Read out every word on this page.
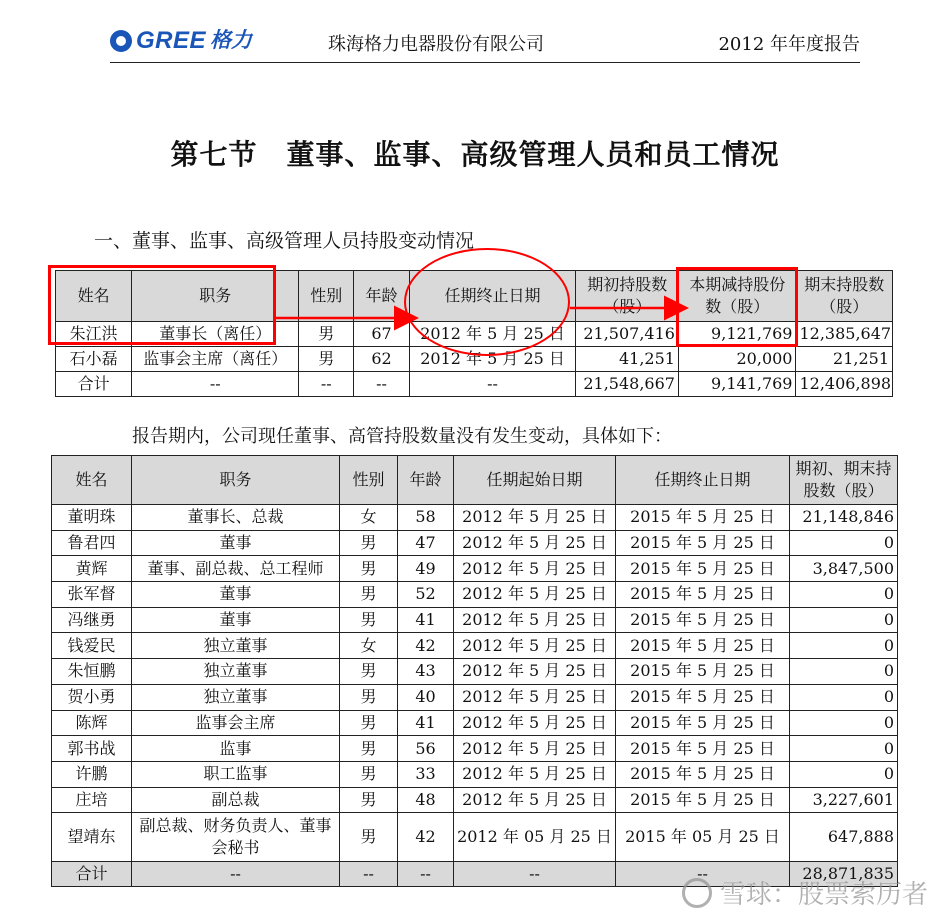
GREE 格力	珠海格力电器股份有限公司	2012 年年度报告
第七节　董事、监事、高级管理人员和员工情况
一、董事、监事、高级管理人员持股变动情况
姓名	职务	性别	年龄	任期终止日期	期初持股数（股）	本期减持股份数（股）	期末持股数（股）
朱江洪	董事长（离任）	男	67	2012 年 5 月 25 日	21,507,416	9,121,769	12,385,647
石小磊	监事会主席（离任）	男	62	2012 年 5 月 25 日	41,251	20,000	21,251
合计	--	--	--	--	21,548,667	9,141,769	12,406,898
报告期内，公司现任董事、高管持股数量没有发生变动，具体如下：
姓名	职务	性别	年龄	任期起始日期	任期终止日期	期初、期末持股数（股）
董明珠	董事长、总裁	女	58	2012 年 5 月 25 日	2015 年 5 月 25 日	21,148,846
鲁君四	董事	男	47	2012 年 5 月 25 日	2015 年 5 月 25 日	0
黄辉	董事、副总裁、总工程师	男	49	2012 年 5 月 25 日	2015 年 5 月 25 日	3,847,500
张军督	董事	男	52	2012 年 5 月 25 日	2015 年 5 月 25 日	0
冯继勇	董事	男	41	2012 年 5 月 25 日	2015 年 5 月 25 日	0
钱爱民	独立董事	女	42	2012 年 5 月 25 日	2015 年 5 月 25 日	0
朱恒鹏	独立董事	男	43	2012 年 5 月 25 日	2015 年 5 月 25 日	0
贺小勇	独立董事	男	40	2012 年 5 月 25 日	2015 年 5 月 25 日	0
陈辉	监事会主席	男	41	2012 年 5 月 25 日	2015 年 5 月 25 日	0
郭书战	监事	男	56	2012 年 5 月 25 日	2015 年 5 月 25 日	0
许鹏	职工监事	男	33	2012 年 5 月 25 日	2015 年 5 月 25 日	0
庄培	副总裁	男	48	2012 年 5 月 25 日	2015 年 5 月 25 日	3,227,601
望靖东	副总裁、财务负责人、董事会秘书	男	42	2012 年 05 月 25 日	2015 年 05 月 25 日	647,888
合计	--	--	--	--	--	28,871,835
雪球：股票索历者
